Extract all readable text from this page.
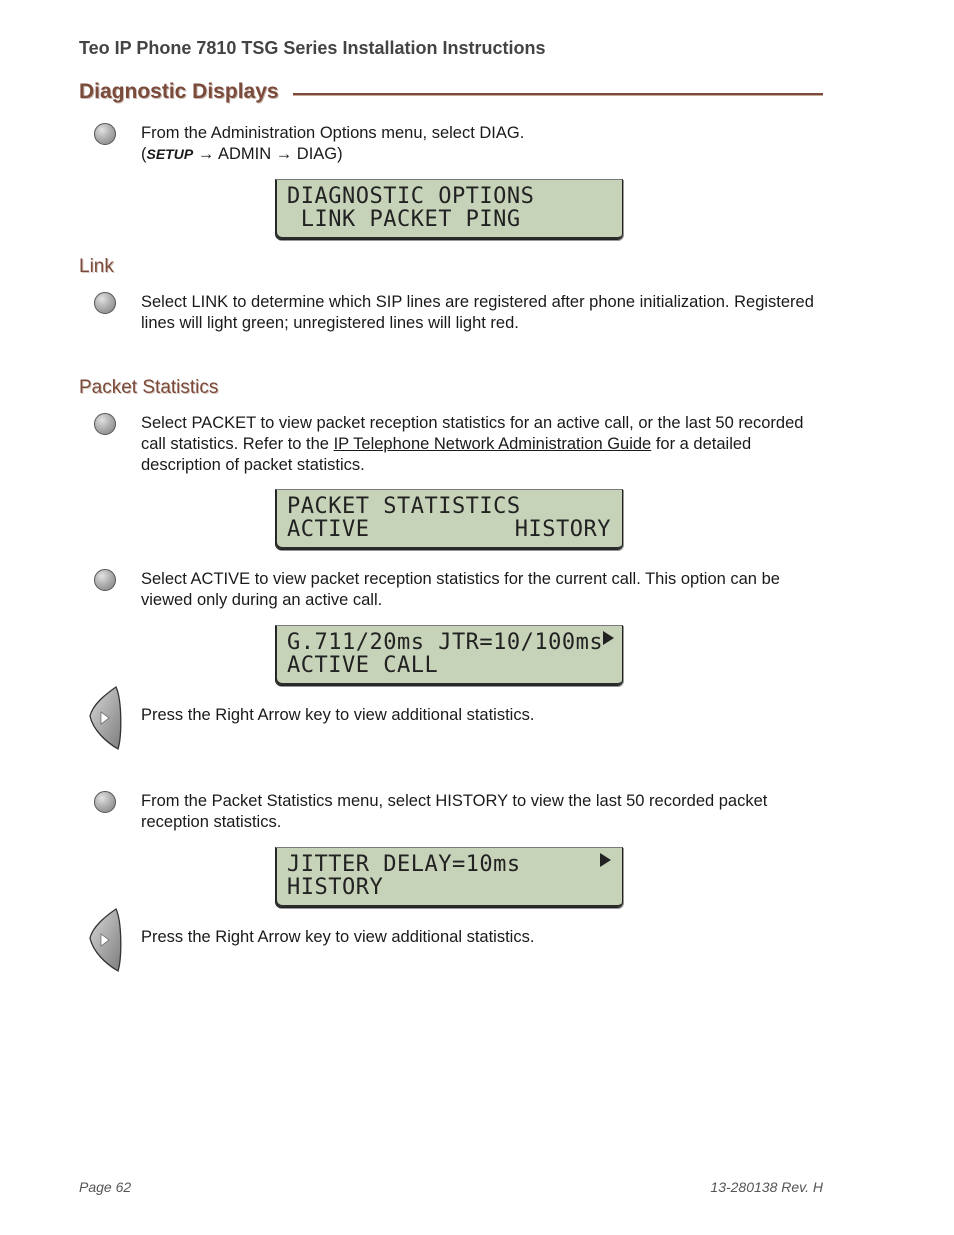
Teo IP Phone 7810 TSG Series Installation Instructions
Diagnostic Displays
From the Administration Options menu, select DIAG.
(SETUP → ADMIN → DIAG)
DIAGNOSTIC OPTIONS
LINK PACKET PING
Link
Select LINK to determine which SIP lines are registered after phone initialization. Registered lines will light green; unregistered lines will light red.
Packet Statistics
Select PACKET to view packet reception statistics for an active call, or the last 50 recorded call statistics. Refer to the IP Telephone Network Administration Guide for a detailed description of packet statistics.
PACKET STATISTICS
ACTIVE	HISTORY
Select ACTIVE to view packet reception statistics for the current call. This option can be viewed only during an active call.
G.711/20ms JTR=10/100ms
ACTIVE CALL
Press the Right Arrow key to view additional statistics.
From the Packet Statistics menu, select HISTORY to view the last 50 recorded packet reception statistics.
JITTER DELAY=10ms
HISTORY
Press the Right Arrow key to view additional statistics.
Page 62	13-280138 Rev. H
